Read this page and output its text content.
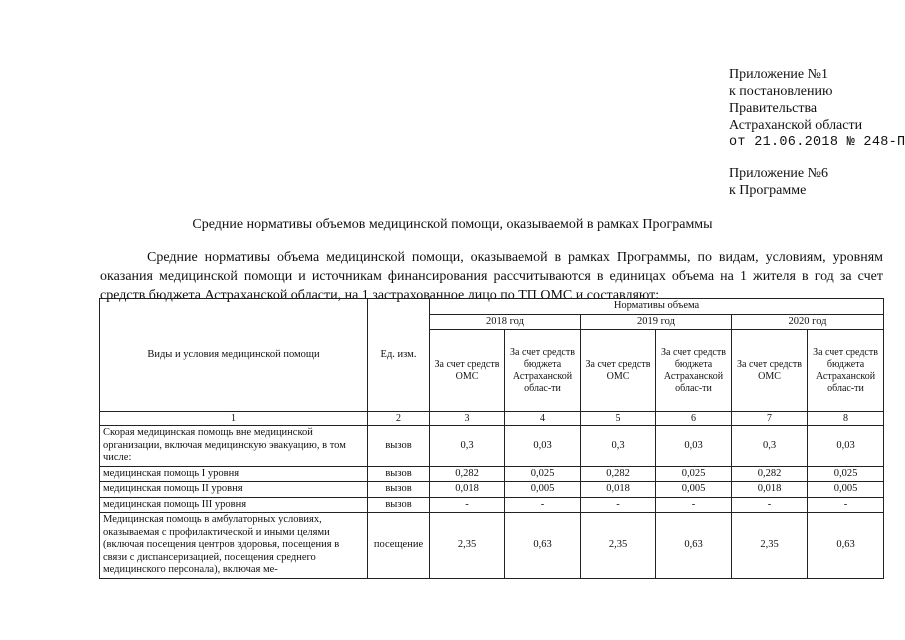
Приложение №1
к постановлению
Правительства
Астраханской области
от 21.06.2018 № 248-П
Приложение №6
к Программе
Средние нормативы объемов медицинской помощи, оказываемой в рамках Программы

Средние нормативы объема медицинской помощи, оказываемой в рамках Программы, по видам, условиям, уровням оказания медицинской помощи и источникам финансирования рассчитываются в единицах объема на 1 жителя в год за счет средств бюджета Астраханской области, на 1 застрахованное лицо по ТП ОМС и составляют:

Виды и условия медицинской помощи	Ед. изм.	Нормативы объема					
		2018 год		2019 год		2020 год	
		За счет средств ОМС	За счет средств бюджета Астраханской облас-ти	За счет средств ОМС	За счет средств бюджета Астраханской облас-ти	За счет средств ОМС	За счет средств бюджета Астраханской облас-ти
1	2	3	4	5	6	7	8
Скорая медицинская помощь вне медицинской организации, включая медицинскую эвакуацию, в том числе:	вызов	0,3	0,03	0,3	0,03	0,3	0,03
медицинская помощь I уровня	вызов	0,282	0,025	0,282	0,025	0,282	0,025
медицинская помощь II уровня	вызов	0,018	0,005	0,018	0,005	0,018	0,005
медицинская помощь III уровня	вызов	-	-	-	-	-	-
Медицинская помощь в амбулаторных условиях, оказываемая с профилактической и иными целями (включая посещения центров здоровья, посещения в связи с диспансеризацией, посещения среднего медицинского персонала), включая ме-	посещение	2,35	0,63	2,35	0,63	2,35	0,63
